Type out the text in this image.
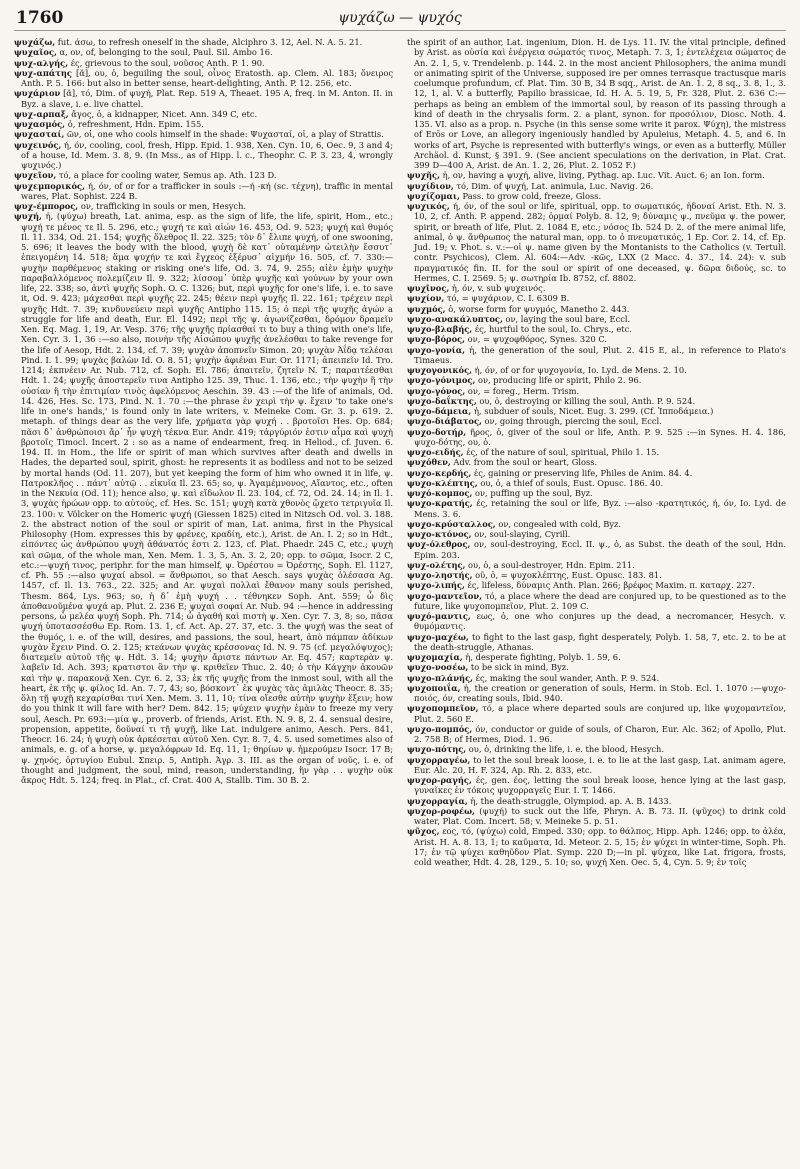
1760	ψυχάζω — ψυχός

ψυχάζω, fut. άσω, to refresh oneself in the shade, Alciphro 3. 12, Ael. N. A. 5. 21.

ψυχαῖος, α, ον, of, belonging to the soul, Paul. Sil. Ambo 16.

ψυχ-αλγής, ές, grievous to the soul, νοῦσος Anth. P. 1. 90.

ψυχ-απάτης [ᾰ], ου, ὁ, beguiling the soul, οἶνος Eratosth. ap. Clem. Al. 183; ὄνειρος Anth. P. 5. 166: but also in better sense, heart-delighting, Anth. P. 12. 256, etc.

ψυχάριον [ᾰ], τό, Dim. of ψυχή, Plat. Rep. 519 A, Theaet. 195 A, freq. in M. Anton. II. in Byz. a slave, i. e. live chattel.

ψυχ-αρπαξ, ἄγος, ὁ, a kidnapper, Nicet. Ann. 349 C, etc.

ψυχασμός, ὁ, refreshment, Hdn. Epim. 155.

ψυχασταί, ῶν, οἱ, one who cools himself in the shade: Ψυχασταί, οἱ, a play of Strattis.

ψυχεινός, ή, όν, cooling, cool, fresh, Hipp. Epid. 1. 938, Xen. Cyn. 10, 6, Oec. 9, 3 and 4; of a house, Id. Mem. 3. 8, 9. (In Mss., as of Hipp. l. c., Theophr. C. P. 3. 23, 4, wrongly ψυχινός.)

ψυχεῖον, τό, a place for cooling water, Semus ap. Ath. 123 D.

ψυχεμπορικός, ή, όν, of or for a trafficker in souls :—ή -κή (sc. τέχνη), traffic in mental wares, Plat. Sophist. 224 B.

ψυχ-έμπορος, ον, trafficking in souls or men, Hesych.

ψυχή, ἡ, (ψύχω) breath, Lat. anima, esp. as the sign of life, the life, spirit, Hom., etc.; ψυχή τε μένος τε Il. 5. 296, etc.; ψυχή τε καὶ αἰών 16. 453, Od. 9. 523; ψυχή καὶ θυμός Il. 11. 334, Od. 21. 154; ψυχῆς ὄλεθρος Il. 22. 325; τὸν δ᾽ ἔλιπε ψυχή, of one swooning, 5. 696; it leaves the body with the blood, ψυχὴ δὲ κατ᾽ οὐταμένην ὠτειλὴν ἔσσυτ᾽ ἐπειγομένη 14. 518; ἅμα ψυχήν τε καὶ ἔγχεος ἐξέρυσ᾽ αἰχμήν 16. 505, cf. 7. 330:—ψυχὴν παρθέμενος staking or risking one's life, Od. 3. 74, 9. 255; αἰὲν ἐμὴν ψυχὴν παραβαλλόμενος πολεμίζειν Il. 9. 322; λίσσομ᾽ ὑπὲρ ψυχῆς καὶ γούνων by your own life, 22. 338; so, ἀντὶ ψυχῆς Soph. O. C. 1326; but, περὶ ψυχῆς for one's life, i. e. to save it, Od. 9. 423; μάχεσθαι περὶ ψυχῆς 22. 245; θέειν περὶ ψυχῆς Il. 22. 161; τρέχειν περὶ ψυχῆς Hdt. 7. 39; κινδυνεύειν περὶ ψυχῆς Antipho 115. 15; ὁ περὶ τῆς ψυχῆς ἀγών a struggle for life and death, Eur. El. 1492; περὶ τῆς ψ. ἀγωνίζεσθαι, δρόμον δραμεῖν Xen. Eq. Mag. 1, 19, Ar. Vesp. 376; τῆς ψυχῆς πρίασθαί τι to buy a thing with one's life, Xen. Cyr. 3. 1, 36 :—so also, ποινὴν τῆς Αἰσώπου ψυχῆς ἀνελέσθαι to take revenge for the life of Aesop, Hdt. 2. 134, cf. 7. 39; ψυχὰν ἀποπνεῖν Simon. 20; ψυχὰν Ἀΐδᾳ τελέσαι Pind. I. 1. 99; ψυχὰς βαλὼν Id. O. 8. 51; ψυχὴν ἀφιέναι Eur. Or. 1171; ἀπειπεῖν Id. Tro. 1214; ἐκπνέειν Ar. Nub. 712, cf. Soph. El. 786; ἀπαιτεῖν, ζητεῖν N. T.; παραιτέεσθαι Hdt. 1. 24; ψυχῆς ἀποστερεῖν τινα Antipho 125. 39, Thuc. 1. 136, etc.; τὴν ψυχὴν ἢ τὴν οὐσίαν ἢ τὴν ἐπιτιμίαν τινὸς ἀφελόμενος Aeschin. 39. 43 :—of the life of animals, Od. 14. 426, Hes. Sc. 173, Pind. N. 1. 70 :—the phrase ἐν χειρὶ τὴν ψ. ἔχειν 'to take one's life in one's hands,' is found only in late writers, v. Meineke Com. Gr. 3. p. 619. 2. metaph. of things dear as the very life, χρήματα γὰρ ψυχή . . βροτοῖσι Hes. Op. 684; πᾶσι δ᾽ ἀνθρώποισι ἄρ᾽ ἦν ψυχὴ τέκνα Eur. Andr. 419; τἀργύριόν ἐστιν αἷμα καὶ ψυχὴ βροτοῖς Timocl. Incert. 2 : so as a name of endearment, freq. in Heliod., cf. Juven. 6. 194. II. in Hom., the life or spirit of man which survives after death and dwells in Hades, the departed soul, spirit, ghost: he represents it as bodiless and not to be seized by mortal hands (Od. 11. 207), but yet keeping the form of him who owned it in life, ψ. Πατροκλῆος . . πάντ᾽ αὐτῷ . . εἰκυῖα Il. 23. 65; so, ψ. Ἀγαμέμνονος, Αἴαντος, etc., often in the Νεκυία (Od. 11); hence also, ψ. καὶ εἴδωλον Il. 23. 104, cf. 72, Od. 24. 14; in Il. 1. 3, ψυχὰς ἡρώων opp. to αὐτούς, cf. Hes. Sc. 151; ψυχὴ κατὰ χθονὸς ᾤχετο τετριγυῖα Il. 23. 100: v. Völcker on the Homeric ψυχή (Giessen 1825) cited in Nitzsch Od. vol. 3. 188. 2. the abstract notion of the soul or spirit of man, Lat. anima, first in the Physical Philosophy (Hom. expresses this by φρένες, κραδίη, etc.), Arist. de An. I. 2; so in Hdt., εἰπόντες ὡς ἀνθρώπου ψυχὴ ἀθάνατός ἐστι 2. 123, cf. Plat. Phaedr. 245 C, etc.; ψυχὴ καὶ σῶμα, of the whole man, Xen. Mem. 1. 3, 5, An. 3. 2, 20; opp. to σῶμα, Isocr. 2 C, etc.:—ψυχή τινος, periphr. for the man himself, ψ. Ὀρέστου = Ὀρέστης, Soph. El. 1127, cf. Ph. 55 :—also ψυχαί absol. = ἄνθρωποι, so that Aesch. says ψυχὰς ὀλέσασα Ag. 1457, cf. Il. 13. 763., 22. 325; and Ar. ψυχαὶ πολλαὶ ἔθανον many souls perished, Thesm. 864, Lys. 963; so, ἡ δ᾽ ἐμὴ ψυχή . . τέθνηκεν Soph. Ant. 559; ὦ δὶς ἀποθανοῦμένα ψυχά ap. Plut. 2. 236 E; ψυχαὶ σοφαί Ar. Nub. 94 :—hence in addressing persons, ὦ μελέα ψυχή Soph. Ph. 714; ὦ ἀγαθή καὶ πιστὴ ψ. Xen. Cyr. 7. 3, 8; so, πᾶσα ψυχή ὑποτασσέσθω Ep. Rom. 13. 1, cf. Act. Ap. 27. 37, etc. 3. the ψυχή was the seat of the θυμός, i. e. of the will, desires, and passions, the soul, heart, ἀπὸ πάμπαν ἀδίκων ψυχὰν ἔχειν Pind. O. 2. 125; κτεάνων ψυχὰς κρέσσονας Id. N. 9. 75 (cf. μεγαλόψυχος); διατεμεῖν αὐτοῦ τῆς ψ. Hdt. 3. 14; ψυχὴν ἄριστε πάντων Ar. Eq. 457; καρτερὰν ψ. λαβεῖν Id. Ach. 393; κρατιστοι ἂν τὴν ψ. κριθεῖεν Thuc. 2. 40; ὁ τὴν Κάγχην ἀκουῶν καὶ τὴν ψ. παρακονᾷ Xen. Cyr. 6. 2, 33; ἐκ τῆς ψυχῆς from the inmost soul, with all the heart, ἐκ τῆς ψ. φίλος Id. An. 7. 7, 43; so, βόσκοντ᾽ ἐκ ψυχὰς τὰς ἀμιλὰς Theocr. 8. 35; ὅλῃ τῇ ψυχῇ κεχαρίσθαι τινί Xen. Mem. 3. 11, 10; τίνα οἴεσθε αὐτὴν ψυχὴν ἕξειν; how do you think it will fare with her? Dem. 842. 15; ψύχειν ψυχὴν ἐμὰν to freeze my very soul, Aesch. Pr. 693:—μία ψ., proverb. of friends, Arist. Eth. N. 9. 8, 2. 4. sensual desire, propension, appetite, δοῦναί τι τῇ ψυχῇ, like Lat. indulgere animo, Aesch. Pers. 841, Theocr. 16. 24; ἡ ψυχὴ οὐκ ἀρκέσεται αὐτοῦ Xen. Cyr. 8. 7, 4. 5. used sometimes also of animals, e. g. of a horse, ψ. μεγαλόφρων Id. Eq. 11, 1; θηρίων ψ. ἡμερούμεν Isocr. 17 B; ψ. χηνός, ὀρτυγίου Eubul. Σπειρ. 5, Antiph. Ἀγρ. 3. III. as the organ of νοῦς, i. e. of thought and judgment, the soul, mind, reason, understanding, ἣν γὰρ . . ψυχὴν οὐκ ἄκρος Hdt. 5. 124; freq. in Plat., cf. Crat. 400 A, Stallb. Tim. 30 B. 2.

the spirit of an author, Lat. ingenium, Dion. H. de Lys. 11. IV. the vital principle, defined by Arist. as οὐσία καὶ ἐνέργεια σώματός τινος, Metaph. 7. 3, 1; ἐντελέχεια σώματος de An. 2. 1, 5, v. Trendelenb. p. 144. 2. in the most ancient Philosophers, the anima mundi or animating spirit of the Universe, supposed ire per omnes terrasque tractusque maris coelumque profundum, cf. Plat. Tim. 30 B, 34 B sqq., Arist. de An. 1. 2, 8 sq., 3. 8, 1., 3. 12, 1, al. V. a butterfly, Papilio brassicae, Id. H. A. 5. 19, 5, Fr. 328, Plut. 2. 636 C:—perhaps as being an emblem of the immortal soul, by reason of its passing through a kind of death in the chrysalis form. 2. a plant, synon. for προσόλιον, Diosc. Noth. 4. 135. VI. also as a prop. n. Psyche (in this sense some write it parox. Ψύχη), the mistress of Erōs or Love, an allegory ingeniously handled by Apuleius, Metaph. 4. 5, and 6. In works of art, Psyche is represented with butterfly's wings, or even as a butterfly, Müller Archäol. d. Kunst, § 391. 9. (See ancient speculations on the derivation, in Plat. Crat. 399 D—400 A, Arist. de An. 1. 2, 26, Plut. 2. 1052 F.)

ψυχῆς, ἡ, ον, having a ψυχή, alive, living, Pythag. ap. Luc. Vit. Auct. 6; an Ion. form.

ψυχίδιον, τό, Dim. of ψυχή, Lat. animula, Luc. Navig. 26.

ψυχίζομαι, Pass. to grow cold, freeze, Gloss.

ψυχικός, ή, όν, of the soul or life, spiritual, opp. to σωματικός, ἡδοναί Arist. Eth. N. 3. 10, 2, cf. Anth. P. append. 282; ὁρμαί Polyb. 8. 12, 9; δύναμις ψ., πνεῦμα ψ. the power, spirit, or breath of life, Plut. 2. 1084 E, etc.; νόσος Ib. 524 D. 2. of the mere animal life, animal, ὁ ψ. ἄνθρωπος the natural man, opp. to ὁ πνευματικός, 1 Ep. Cor. 2. 14, cf. Ep. Jud. 19; v. Phot. s. v.:—οἱ ψ. name given by the Montanists to the Catholics (v. Tertull. contr. Psychicos), Clem. Al. 604:—Adv. -κῶς, LXX (2 Macc. 4. 37., 14. 24): v. sub πραγματικός fin. II. for the soul or spirit of one deceased, ψ. δῶρα διδούς, sc. to Hermes, C. I. 2569. 5; ψ. σωτηρία Ib. 8752, cf. 8802.

ψυχῖνος, ἡ, όν, v. sub ψυχεινός.

ψυχίον, τό, = ψυχάριον, C. I. 6309 B.

ψυχμός, ὁ, worse form for ψυγμός, Manetho 2. 443.

ψυχο-ανακάλυπτος, ον, laying the soul bare, Eccl.

ψυχο-βλαβής, ές, hurtful to the soul, Io. Chrys., etc.

ψυχο-βόρος, ον, = ψυχοφθόρος, Synes. 320 C.

ψυχο-γονία, ἡ, the generation of the soul, Plut. 2. 415 E, al., in reference to Plato's Timaeus.

ψυχογονικός, ή, όν, of or for ψυχογονία, Io. Lyd. de Mens. 2. 10.

ψυχο-γόνιμος, ον, producing life or spirit, Philo 2. 96.

ψυχο-γόνος, ον, = foreg., Herm. Trism.

ψυχο-δαΐκτης, ου, ὁ, destroying or killing the soul, Anth. P. 9. 524.

ψυχο-δάμεια, ἡ, subduer of souls, Nicet. Eug. 3. 299. (Cf. Ἱπποδάμεια.)

ψυχο-διάβατος, ον, going through, piercing the soul, Eccl.

ψυχο-δοτήρ, ῆρος, ὁ, giver of the soul or life, Anth. P. 9. 525 :—in Synes. H. 4. 186, ψυχο-δότης, ου, ὁ.

ψυχο-ειδής, ές, of the nature of soul, spiritual, Philo 1. 15.

ψυχόθεν, Adv. from the soul or heart, Gloss.

ψυχο-κερδής, ές, gaining or preserving life, Philes de Anim. 84. 4.

ψυχο-κλέπτης, ου, ὁ, a thief of souls, Eust. Opusc. 186. 40.

ψυχό-κομπος, ον, puffing up the soul, Byz.

ψυχο-κρατής, ές, retaining the soul or life, Byz. :—also -κρατητικός, ή, όν, Io. Lyd. de Mens. 3. 6.

ψυχο-κρύσταλλος, ον, congealed with cold, Byz.

ψυχο-κτόνος, ον, soul-slaying, Cyrill.

ψυχ-όλεθρος, ον, soul-destroying, Eccl. II. ψ., ὁ, as Subst. the death of the soul, Hdn. Epim. 203.

ψυχ-ολέτης, ου, ὁ, a soul-destroyer, Hdn. Epim. 211.

ψυχο-ληστής, οῦ, ὁ, = ψυχοκλέπτης, Eust. Opusc. 183. 81.

ψυχο-λιπής, ές, lifeless, δύναμις Anth. Plan. 266; βρέφος Maxim. π. καταρχ. 227.

ψυχο-μαντεῖον, τό, a place where the dead are conjured up, to be questioned as to the future, like ψυχοπομπεῖον, Plut. 2. 109 C.

ψυχό-μαντις, εως, ὁ, one who conjures up the dead, a necromancer, Hesych. v. θυμόμαντις.

ψυχο-μαχέω, to fight to the last gasp, fight desperately, Polyb. 1. 58, 7, etc. 2. to be at the death-struggle, Athanas.

ψυχομαχία, ἡ, desperate fighting, Polyb. 1. 59, 6.

ψυχο-νοσέω, to be sick in mind, Byz.

ψυχο-πλάνής, ές, making the soul wander, Anth. P. 9. 524.

ψυχοποιΐα, ἡ, the creation or generation of souls, Herm. in Stob. Ecl. 1. 1070 :—ψυχο-ποιός, όν, creating souls, Ibid. 940.

ψυχοπομπεῖον, τό, a place where departed souls are conjured up, like ψυχομαντεῖον, Plut. 2. 560 E.

ψυχο-πομπός, όν, conductor or guide of souls, of Charon, Eur. Alc. 362; of Apollo, Plut. 2. 758 B; of Hermes, Diod. 1. 96.

ψυχο-πότης, ου, ὁ, drinking the life, i. e. the blood, Hesych.

ψυχορραγέω, to let the soul break loose, i. e. to lie at the last gasp, Lat. animam agere, Eur. Alc. 20, H. F. 324, Ap. Rh. 2. 833, etc.

ψυχορ-ραγής, ές, gen. έος, letting the soul break loose, hence lying at the last gasp, γυναῖκες ἐν τόκοις ψυχορραγεῖς Eur. I. T. 1466.

ψυχορραγία, ἡ, the death-struggle, Olympiod. ap. A. B. 1433.

ψυχορ-ροφέω, (ψυχή) to suck out the life, Phryn. A. B. 73. II. (ψῦχος) to drink cold water, Plat. Com. Incert. 58; v. Meineke 5. p. 51.

ψῦχος, εος, τό, (ψύχω) cold, Emped. 330; opp. to θάλπος, Hipp. Aph. 1246; opp. to ἀλέα, Arist. H. A. 8. 13, 1; to καῦματα, Id. Meteor. 2. 5, 15; ἐν ψύχει in winter-time, Soph. Ph. 17; ἐν τῷ ψύχει καθηῦδον Plat. Symp. 220 D;—in pl. ψύχεα, like Lat. frigora, frosts, cold weather, Hdt. 4. 28, 129., 5. 10; so, ψυχή Xen. Oec. 5, 4, Cyn. 5. 9; ἐν τοῖς
